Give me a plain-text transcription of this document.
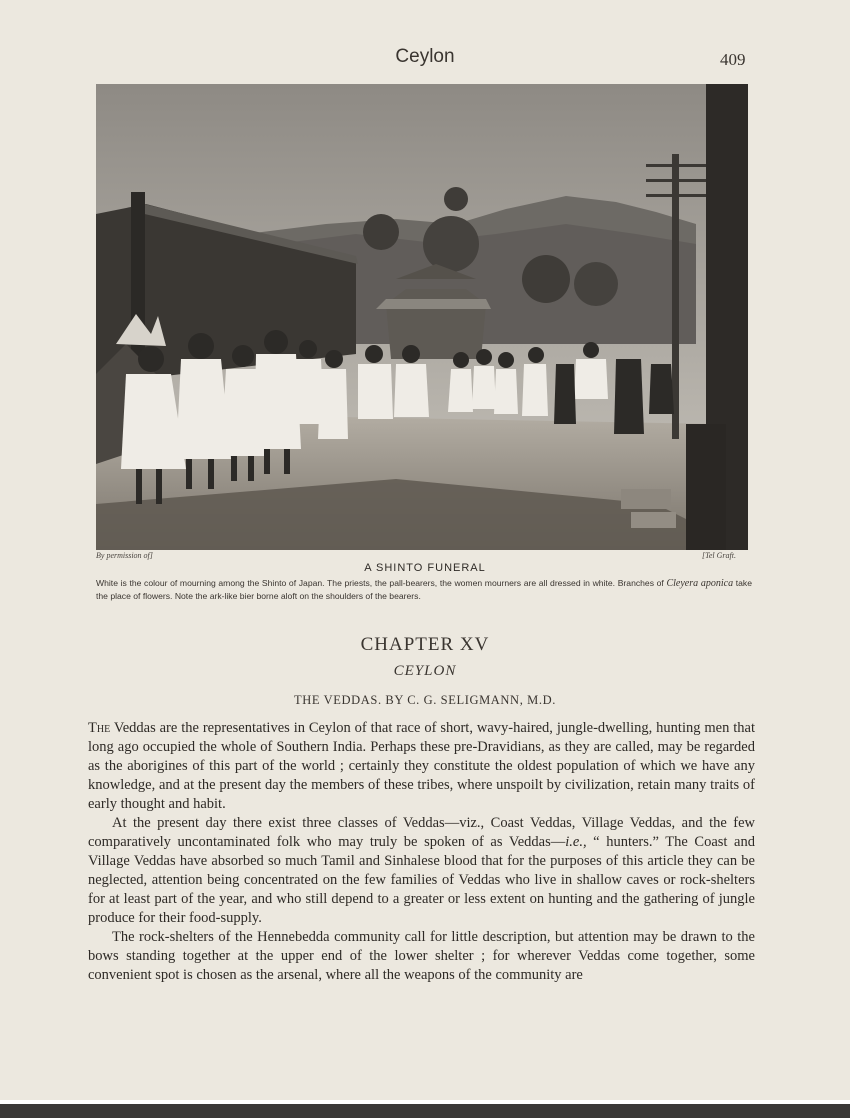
Ceylon	409
By permission of]	[Tel Graft.
A SHINTO FUNERAL
White is the colour of mourning among the Shinto of Japan. The priests, the pall-bearers, the women mourners are all dressed in white. Branches of Cleyera aponica take the place of flowers. Note the ark-like bier borne aloft on the shoulders of the bearers.
CHAPTER XV
CEYLON
THE VEDDAS. BY C. G. SELIGMANN, M.D.

The Veddas are the representatives in Ceylon of that race of short, wavy-haired, jungle-dwelling, hunting men that long ago occupied the whole of Southern India. Perhaps these pre-Dravidians, as they are called, may be regarded as the aborigines of this part of the world ; certainly they constitute the oldest population of which we have any knowledge, and at the present day the members of these tribes, where unspoilt by civilization, retain many traits of early thought and habit.

At the present day there exist three classes of Veddas—viz., Coast Veddas, Village Veddas, and the few comparatively uncontaminated folk who may truly be spoken of as Veddas—i.e., “ hunters.” The Coast and Village Veddas have absorbed so much Tamil and Sinhalese blood that for the purposes of this article they can be neglected, attention being concentrated on the few families of Veddas who live in shallow caves or rock-shelters for at least part of the year, and who still depend to a greater or less extent on hunting and the gathering of jungle produce for their food-supply.

The rock-shelters of the Hennebedda community call for little description, but attention may be drawn to the bows standing together at the upper end of the lower shelter ; for wherever Veddas come together, some convenient spot is chosen as the arsenal, where all the weapons of the community are
